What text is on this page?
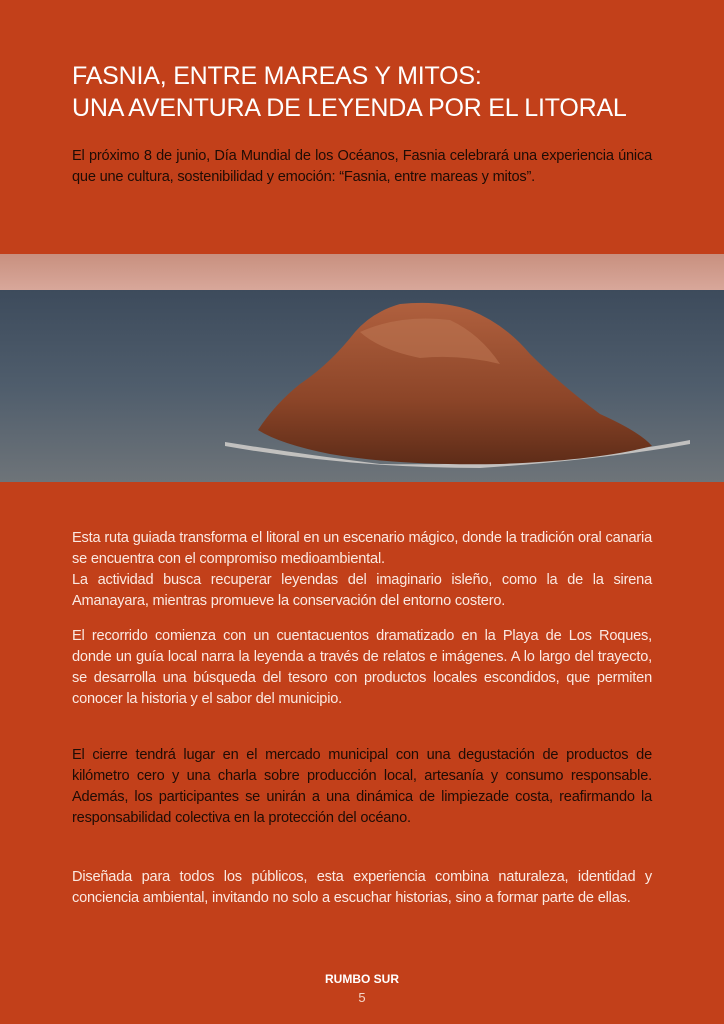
FASNIA, ENTRE MAREAS Y MITOS:
UNA AVENTURA DE LEYENDA POR EL LITORAL

El próximo 8 de junio, Día Mundial de los Océanos, Fasnia celebrará una experiencia única que une cultura, sostenibilidad y emoción: “Fasnia, entre mareas y mitos”.

Esta ruta guiada transforma el litoral en un escenario mágico, donde la tradición oral canaria se encuentra con el compromiso medioambiental.

La actividad busca recuperar leyendas del imaginario isleño, como la de la sirena Amanayara, mientras promueve la conservación del entorno costero.

El recorrido comienza con un cuentacuentos dramatizado en la Playa de Los Roques, donde un guía local narra la leyenda a través de relatos e imágenes. A lo largo del trayecto, se desarrolla una búsqueda del tesoro con productos locales escondidos, que permiten conocer la historia y el sabor del municipio.

El cierre tendrá lugar en el mercado municipal con una degustación de productos de kilómetro cero y una charla sobre producción local, artesanía y consumo responsable. Además, los participantes se unirán a una dinámica de limpiezade costa, reafirmando la responsabilidad colectiva en la protección del océano.

Diseñada para todos los públicos, esta experiencia combina naturaleza, identidad y conciencia ambiental, invitando no solo a escuchar historias, sino a formar parte de ellas.

RUMBO SUR
5
